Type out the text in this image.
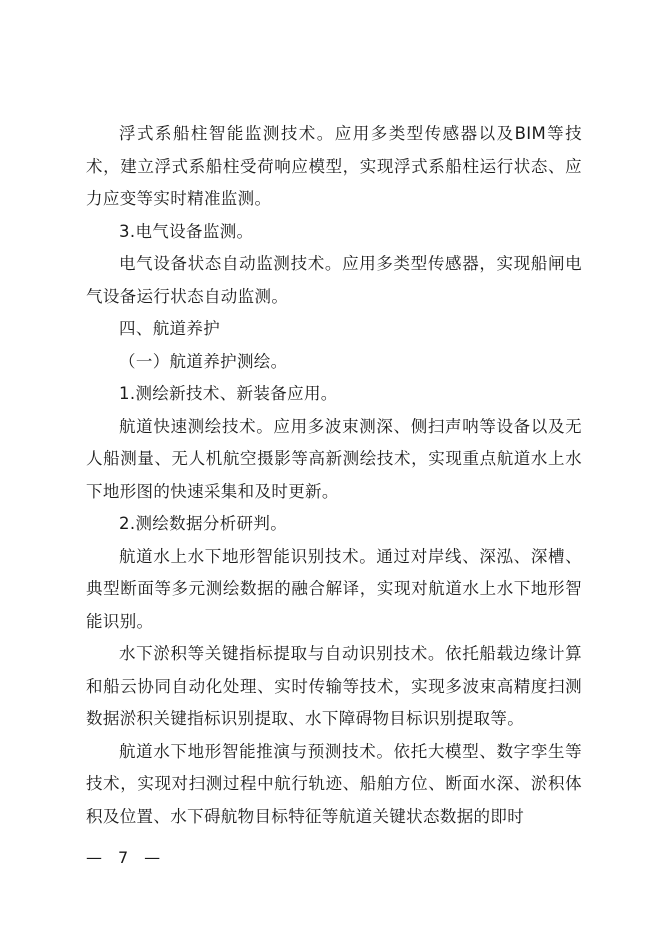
浮式系船柱智能监测技术。应用多类型传感器以及BIM等技术，建立浮式系船柱受荷响应模型，实现浮式系船柱运行状态、应力应变等实时精准监测。

3.电气设备监测。

电气设备状态自动监测技术。应用多类型传感器，实现船闸电气设备运行状态自动监测。

四、航道养护

（一）航道养护测绘。

1.测绘新技术、新装备应用。

航道快速测绘技术。应用多波束测深、侧扫声呐等设备以及无人船测量、无人机航空摄影等高新测绘技术，实现重点航道水上水下地形图的快速采集和及时更新。

2.测绘数据分析研判。

航道水上水下地形智能识别技术。通过对岸线、深泓、深槽、典型断面等多元测绘数据的融合解译，实现对航道水上水下地形智能识别。

水下淤积等关键指标提取与自动识别技术。依托船载边缘计算和船云协同自动化处理、实时传输等技术，实现多波束高精度扫测数据淤积关键指标识别提取、水下障碍物目标识别提取等。

航道水下地形智能推演与预测技术。依托大模型、数字孪生等技术，实现对扫测过程中航行轨迹、船舶方位、断面水深、淤积体积及位置、水下碍航物目标特征等航道关键状态数据的即时

—　7　—
